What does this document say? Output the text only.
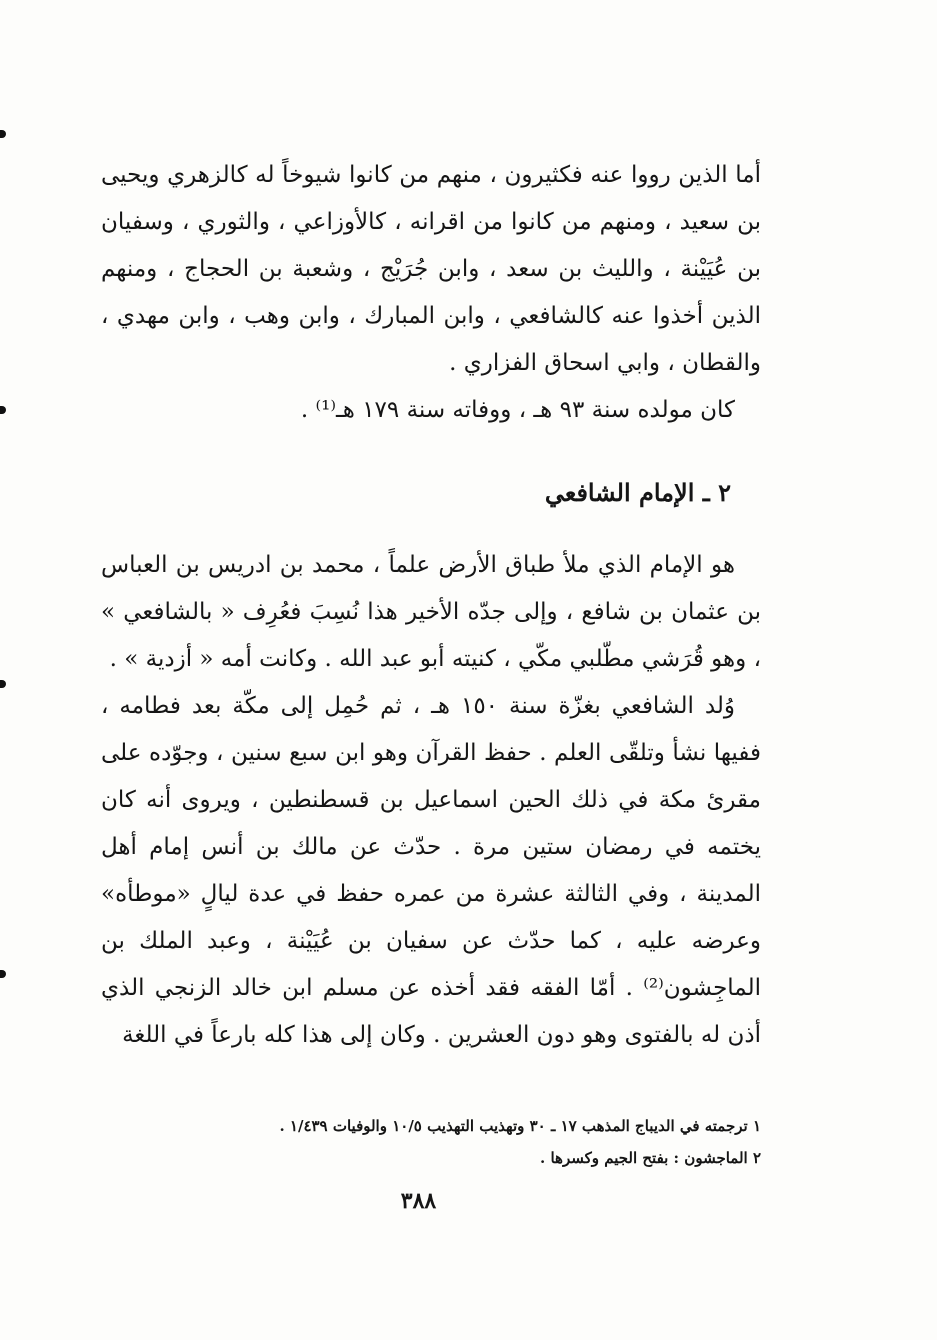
أما الذين رووا عنه فكثيرون ، منهم من كانوا شيوخاً له كالزهري ويحيى بن سعيد ، ومنهم من كانوا من اقرانه ، كالأوزاعي ، والثوري ، وسفيان بن عُيَيْنة ، والليث بن سعد ، وابن جُرَيْج ، وشعبة بن الحجاج ، ومنهم الذين أخذوا عنه كالشافعي ، وابن المبارك ، وابن وهب ، وابن مهدي ، والقطان ، وابي اسحاق الفزاري .

كان مولده سنة ٩٣ هـ ، ووفاته سنة ١٧٩ هـ⁽¹⁾ .

٢ ـ الإمام الشافعي

هو الإمام الذي ملأ طباق الأرض علماً ، محمد بن ادريس بن العباس بن عثمان بن شافع ، وإلى جدّه الأخير هذا نُسِبَ فعُرِف « بالشافعي » ، وهو قُرَشي مطّلبي مكّي ، كنيته أبو عبد الله . وكانت أمه « أزدية » .

وُلد الشافعي بغزّة سنة ١٥٠ هـ ، ثم حُمِل إلى مكّة بعد فطامه ، ففيها نشأ وتلقّى العلم . حفظ القرآن وهو ابن سبع سنين ، وجوّده على مقرئ مكة في ذلك الحين اسماعيل بن قسطنطين ، ويروى أنه كان يختمه في رمضان ستين مرة . حدّث عن مالك بن أنس إمام أهل المدينة ، وفي الثالثة عشرة من عمره حفظ في عدة ليالٍ «موطأه» وعرضه عليه ، كما حدّث عن سفيان بن عُيَيْنة ، وعبد الملك بن الماجِشون⁽²⁾ . أمّا الفقه فقد أخذه عن مسلم ابن خالد الزنجي الذي أذن له بالفتوى وهو دون العشرين . وكان إلى هذا كله بارعاً في اللغة

١ ترجمته في الديباج المذهب ١٧ ـ ٣٠ وتهذيب التهذيب ١٠/٥ والوفيات ١/٤٣٩ .

٢ الماجشون : بفتح الجيم وكسرها .

٣٨٨
